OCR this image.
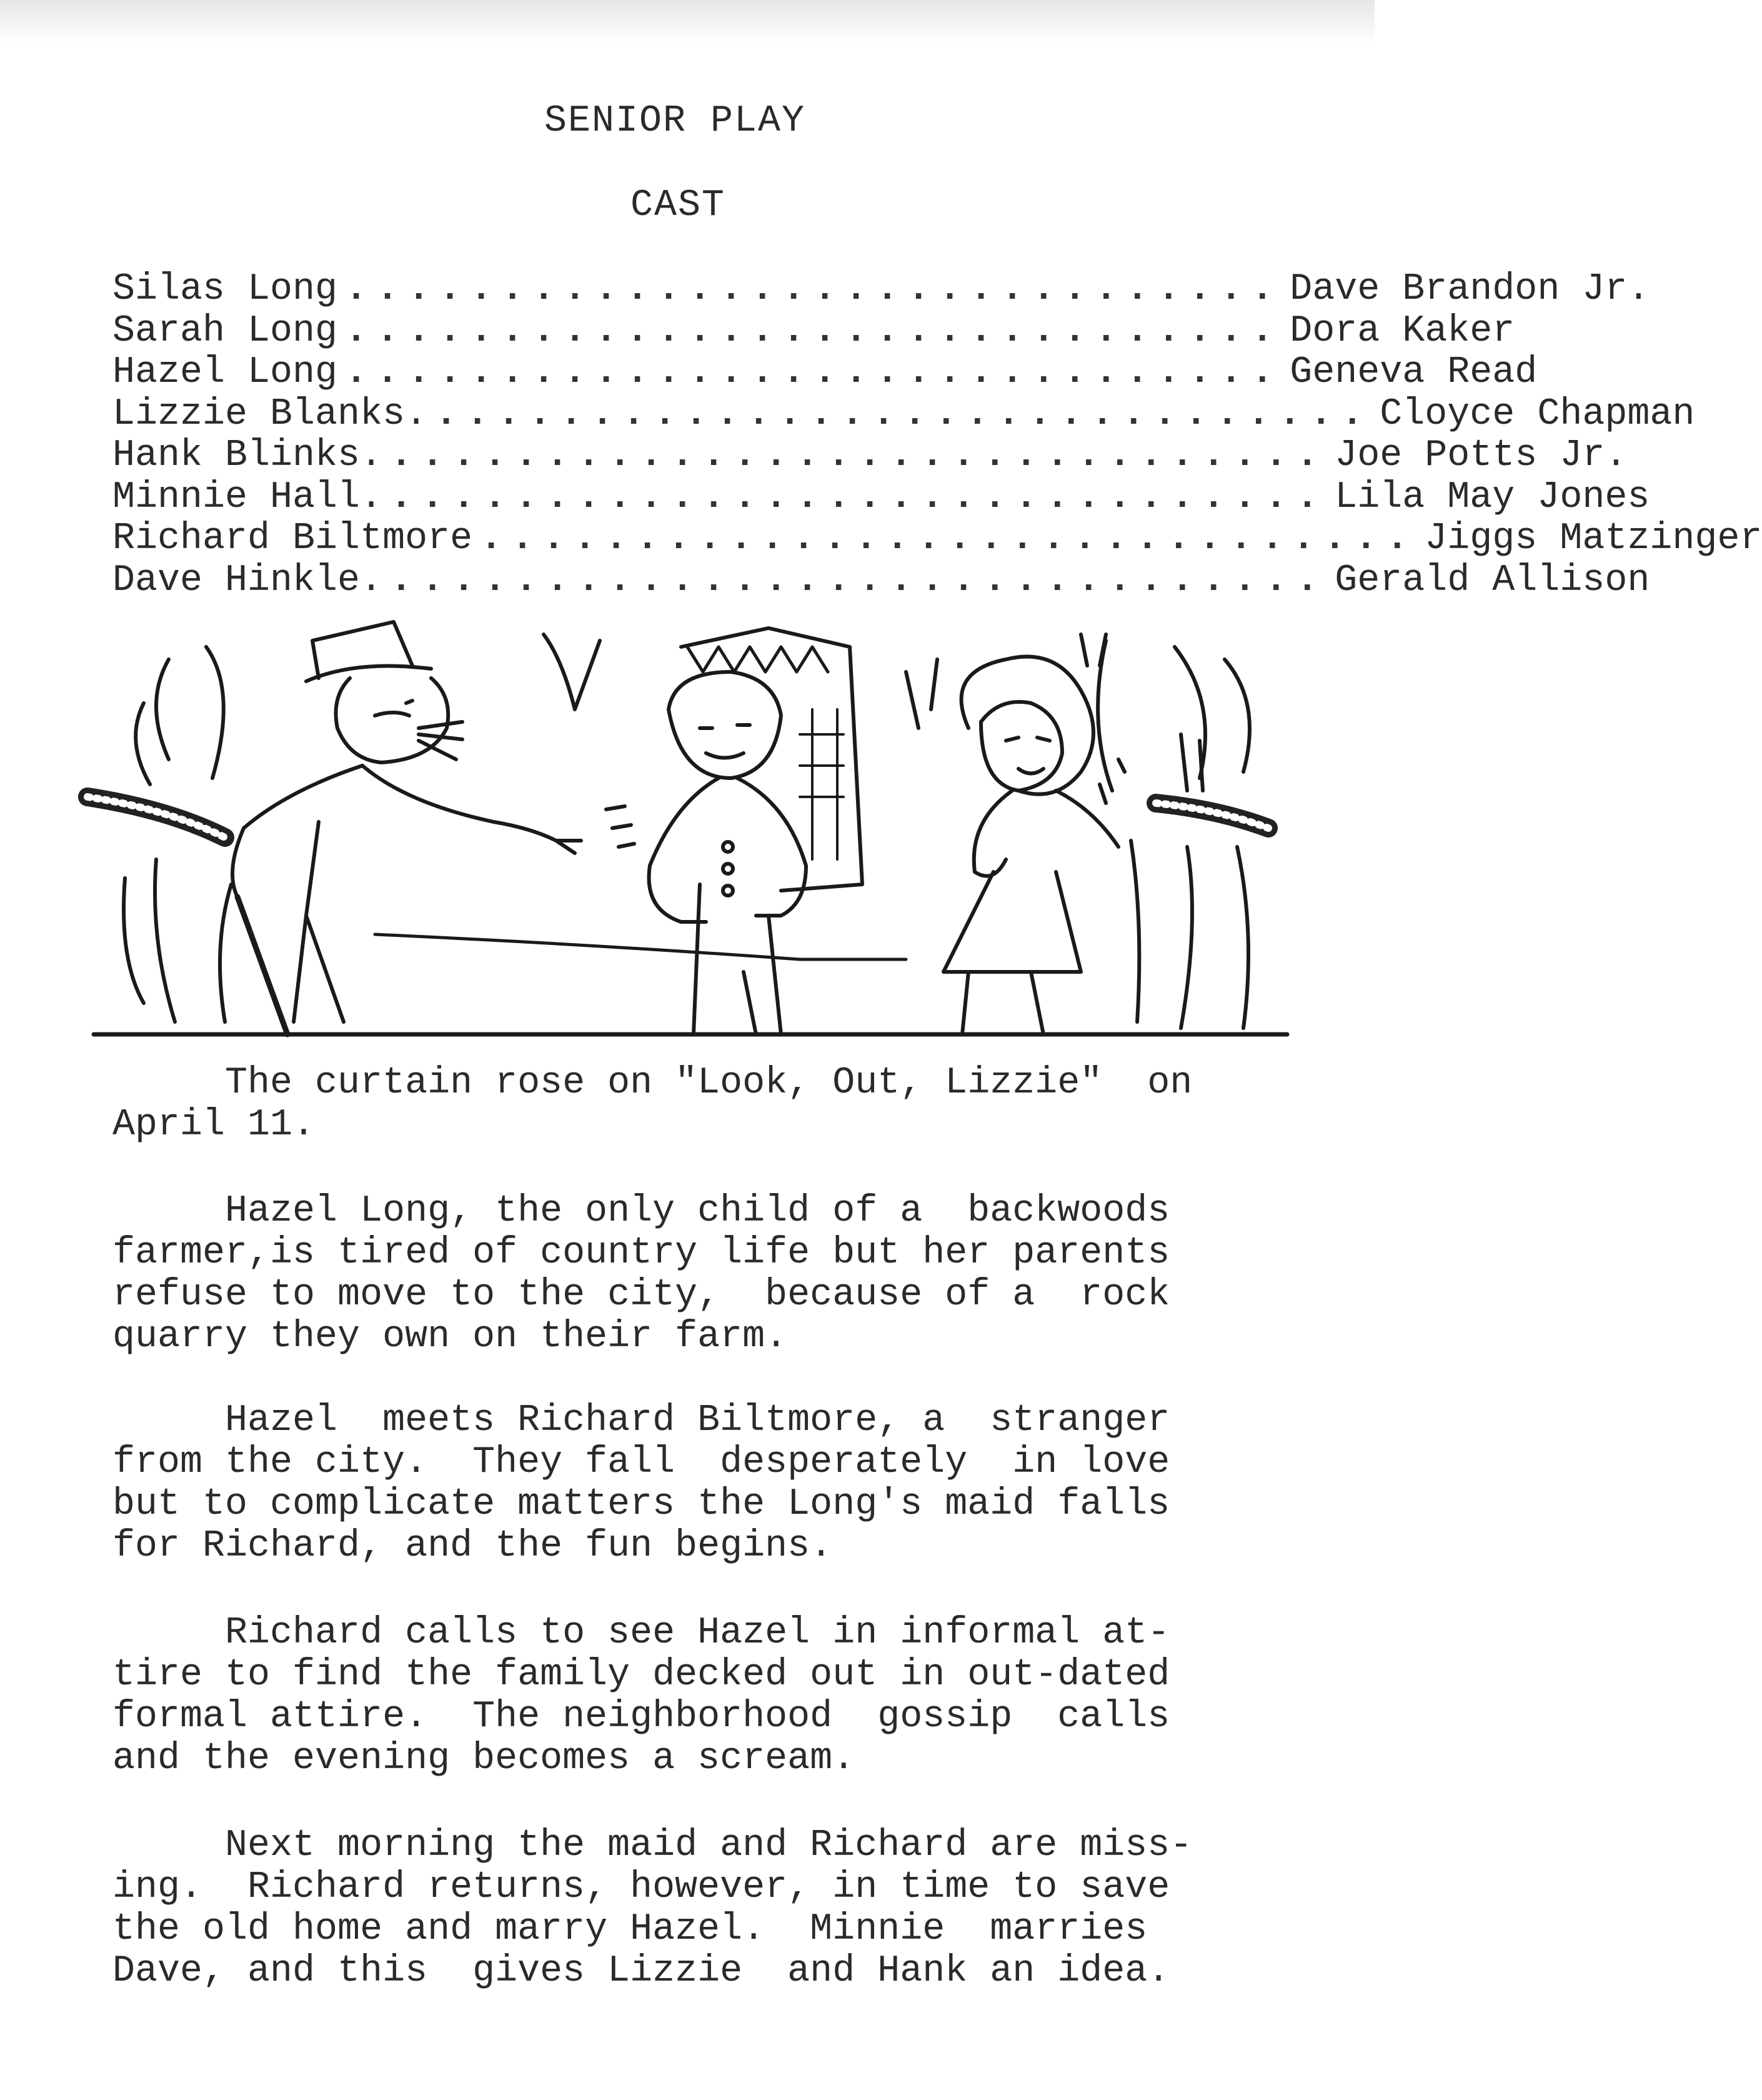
SENIOR PLAY
CAST
Silas Long .............................. Dave Brandon Jr.
Sarah Long .............................. Dora Kaker
Hazel Long .............................. Geneva Read
Lizzie Blanks. .............................. Cloyce Chapman
Hank Blinks. .............................. Joe Potts Jr.
Minnie Hall. .............................. Lila May Jones
Richard Biltmore .............................. Jiggs Matzinger
Dave Hinkle. .............................. Gerald Allison
The curtain rose on "Look, Out, Lizzie"  on
April 11.
Hazel Long, the only child of a  backwoods
farmer,is tired of country life but her parents
refuse to move to the city,  because of a  rock
quarry they own on their farm.
Hazel  meets Richard Biltmore, a  stranger
from the city.  They fall  desperately  in love
but to complicate matters the Long's maid falls
for Richard, and the fun begins.
Richard calls to see Hazel in informal at-
tire to find the family decked out in out-dated
formal attire.  The neighborhood  gossip  calls
and the evening becomes a scream.
Next morning the maid and Richard are miss-
ing.  Richard returns, however, in time to save
the old home and marry Hazel.  Minnie  marries
Dave, and this  gives Lizzie  and Hank an idea.
